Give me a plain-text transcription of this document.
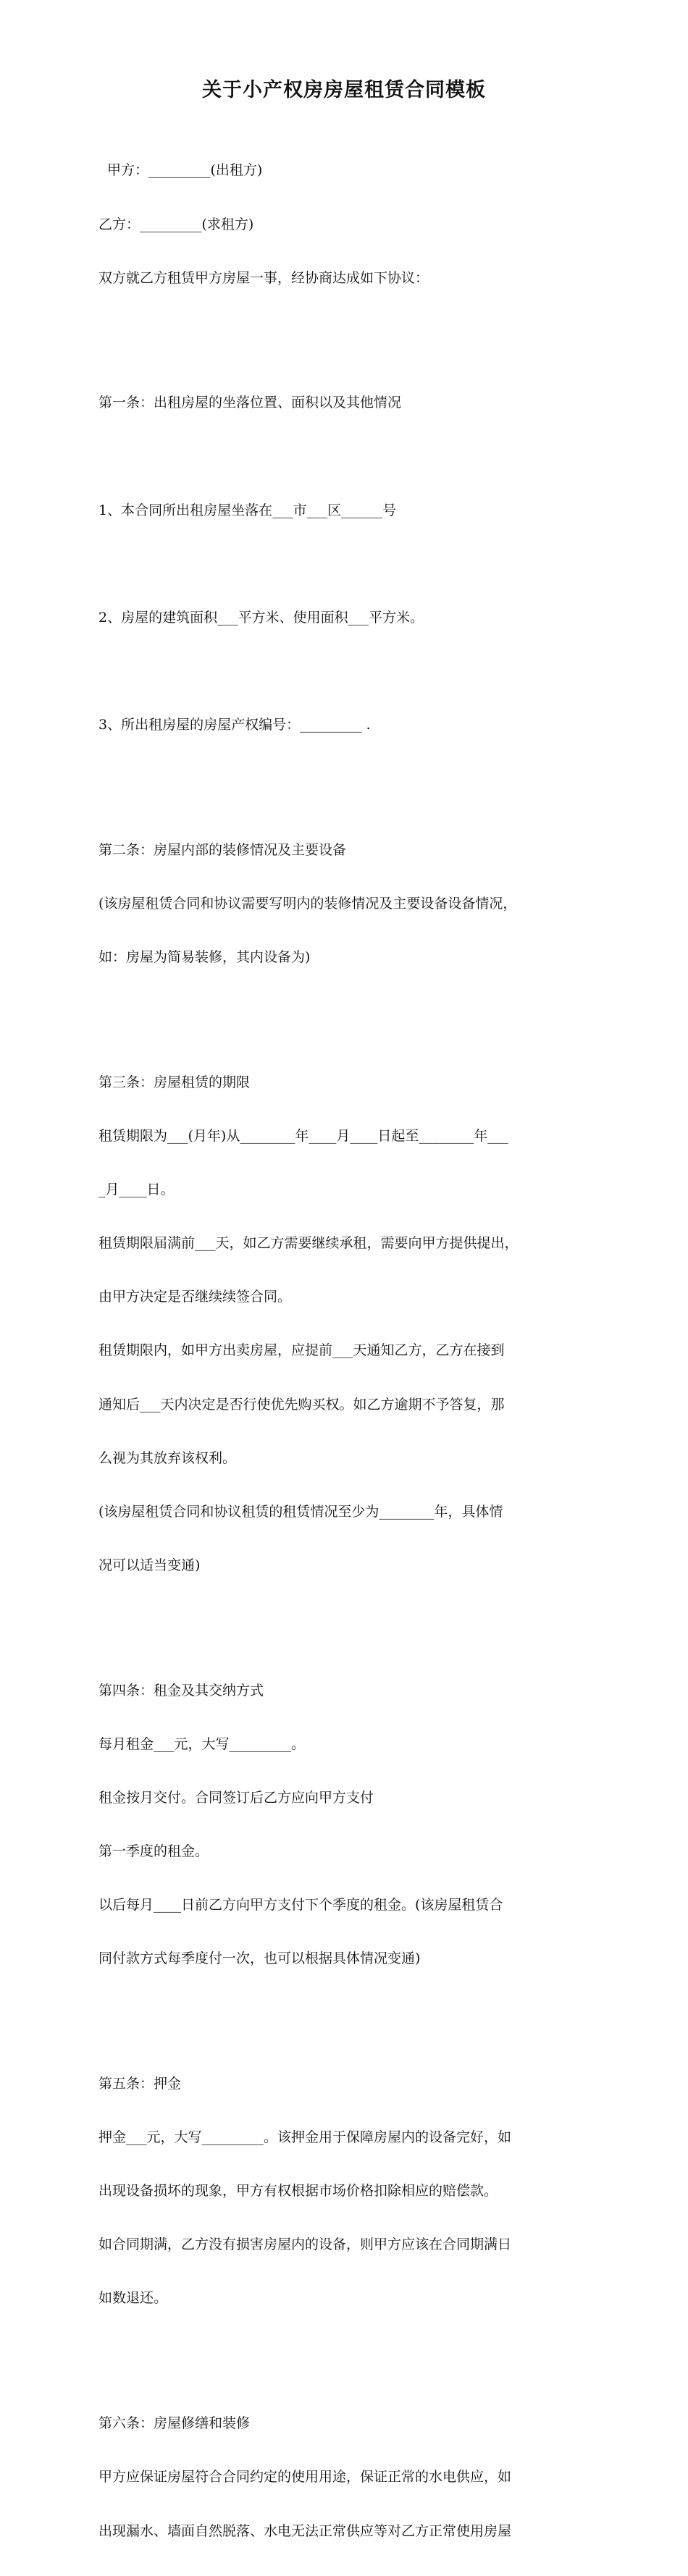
关于小产权房房屋租赁合同模板

甲方：_________(出租方)

乙方：_________(求租方)

双方就乙方租赁甲方房屋一事，经协商达成如下协议：

第一条：出租房屋的坐落位置、面积以及其他情况

1、本合同所出租房屋坐落在___市___区______号

2、房屋的建筑面积___平方米、使用面积___平方米。

3、所出租房屋的房屋产权编号：_________ .

第二条：房屋内部的装修情况及主要设备

(该房屋租赁合同和协议需要写明内的装修情况及主要设备设备情况，

如：房屋为简易装修，其内设备为)

第三条：房屋租赁的期限

租赁期限为___(月年)从________年____月____日起至________年___

_月____日。

租赁期限届满前___天，如乙方需要继续承租，需要向甲方提供提出，

由甲方决定是否继续续签合同。

租赁期限内，如甲方出卖房屋，应提前___天通知乙方，乙方在接到

通知后___天内决定是否行使优先购买权。如乙方逾期不予答复，那

么视为其放弃该权利。

(该房屋租赁合同和协议租赁的租赁情况至少为________年，具体情

况可以适当变通)

第四条：租金及其交纳方式

每月租金___元，大写_________。

租金按月交付。合同签订后乙方应向甲方支付

第一季度的租金。

以后每月____日前乙方向甲方支付下个季度的租金。(该房屋租赁合

同付款方式每季度付一次，也可以根据具体情况变通)

第五条：押金

押金___元，大写_________。该押金用于保障房屋内的设备完好，如

出现设备损坏的现象，甲方有权根据市场价格扣除相应的赔偿款。

如合同期满，乙方没有损害房屋内的设备，则甲方应该在合同期满日

如数退还。

第六条：房屋修缮和装修

甲方应保证房屋符合合同约定的使用用途，保证正常的水电供应，如

出现漏水、墙面自然脱落、水电无法正常供应等对乙方正常使用房屋
